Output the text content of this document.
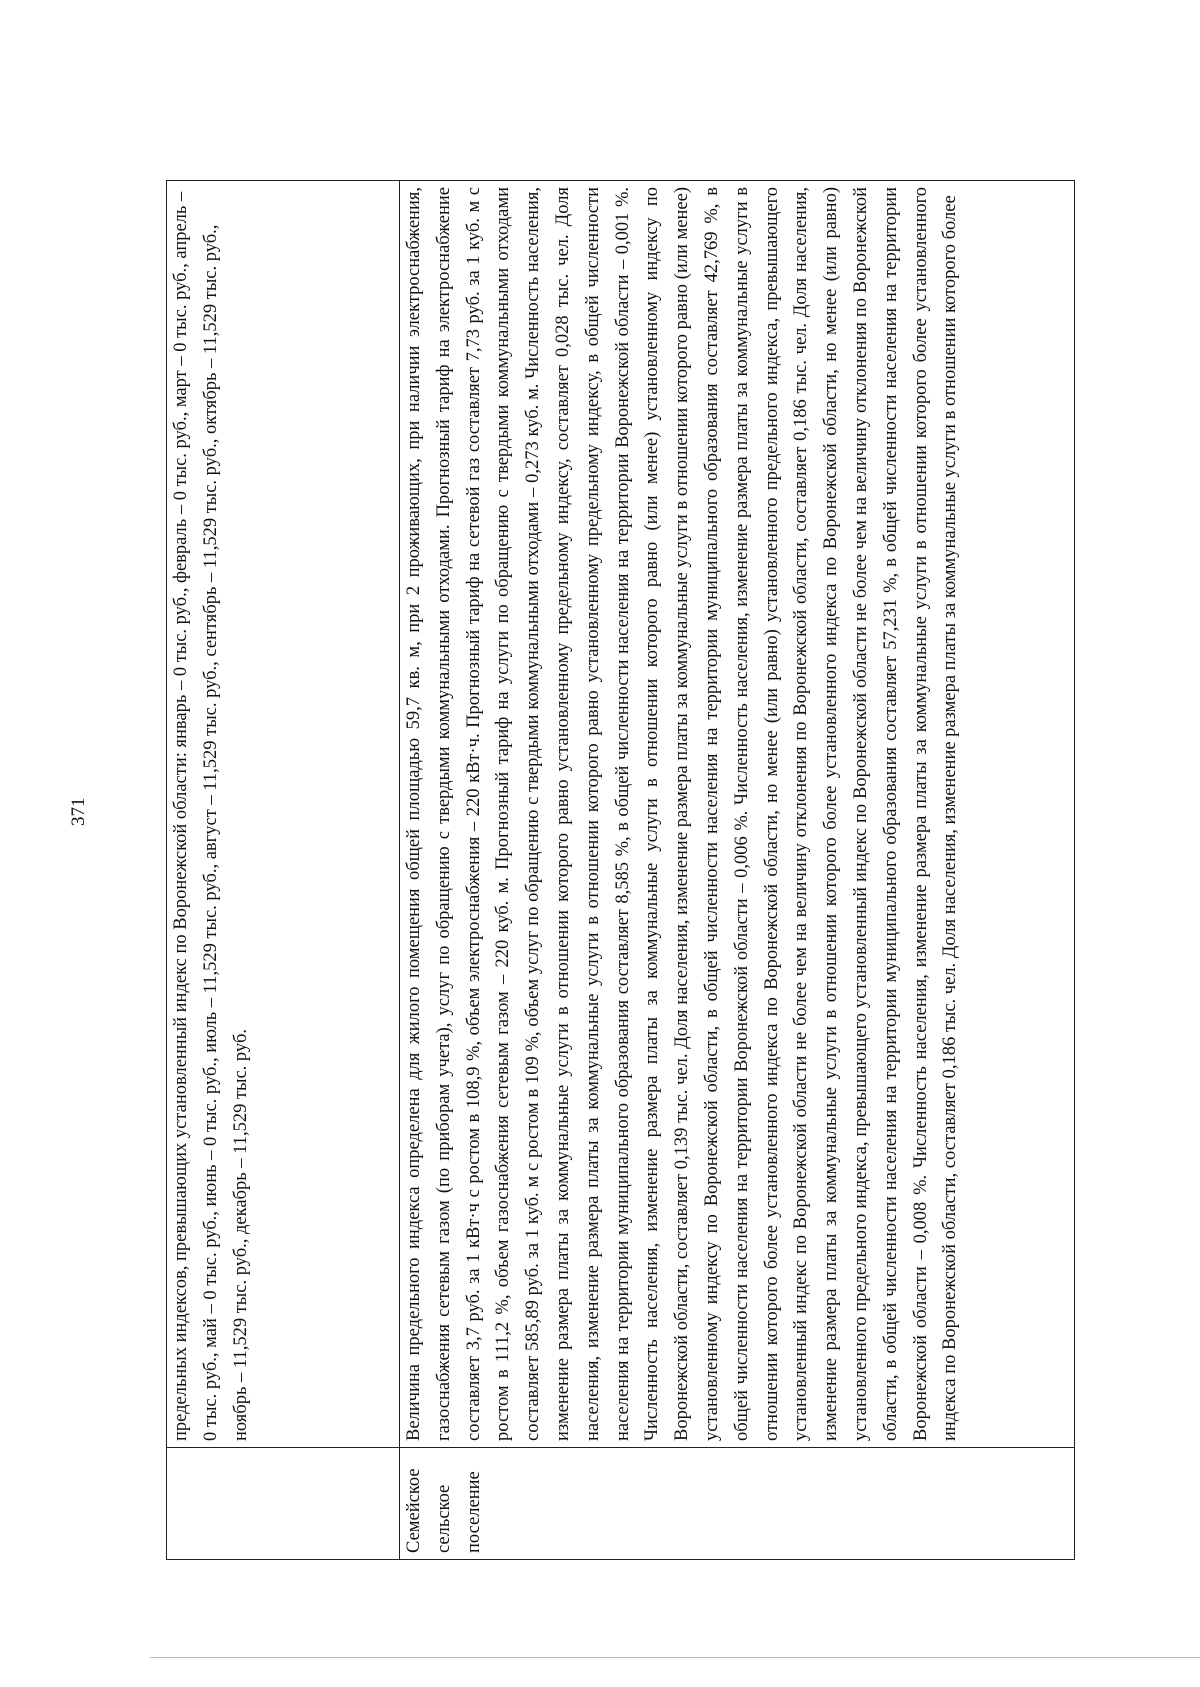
371
		предельных индексов, превышающих установленный индекс по Воронежской области: январь – 0 тыс. руб., февраль – 0 тыс. руб., март – 0 тыс. руб., апрель – 0 тыс. руб., май – 0 тыс. руб., июнь – 0 тыс. руб., июль – 11,529 тыс. руб., август – 11,529 тыс. руб., сентябрь – 11,529 тыс. руб., октябрь – 11,529 тыс. руб., ноябрь – 11,529 тыс. руб., декабрь – 11,529 тыс. руб.
Семейское сельское поселение	Величина предельного индекса определена для жилого помещения общей площадью 59,7 кв. м, при 2 проживающих, при наличии электроснабжения, газоснабжения сетевым газом (по приборам учета), услуг по обращению с твердыми коммунальными отходами. Прогнозный тариф на электроснабжение составляет 3,7 руб. за 1 кВт·ч с ростом в 108,9 %, объем электроснабжения – 220 кВт·ч. Прогнозный тариф на сетевой газ составляет 7,73 руб. за 1 куб. м с ростом в 111,2 %, объем газоснабжения сетевым газом – 220 куб. м. Прогнозный тариф на услуги по обращению с твердыми коммунальными отходами составляет 585,89 руб. за 1 куб. м с ростом в 109 %, объем услуг по обращению с твердыми коммунальными отходами – 0,273 куб. м. Численность населения, изменение размера платы за коммунальные услуги в отношении которого равно установленному предельному индексу, составляет 0,028 тыс. чел. Доля населения, изменение размера платы за коммунальные услуги в отношении которого равно установленному предельному индексу, в общей численности населения на территории муниципального образования составляет 8,585 %, в общей численности населения на территории Воронежской области – 0,001 %. Численность населения, изменение размера платы за коммунальные услуги в отношении которого равно (или менее) установленному индексу по Воронежской области, составляет 0,139 тыс. чел. Доля населения, изменение размера платы за коммунальные услуги в отношении которого равно (или менее) установленному индексу по Воронежской области, в общей численности населения на территории муниципального образования составляет 42,769 %, в общей численности населения на территории Воронежской области – 0,006 %. Численность населения, изменение размера платы за коммунальные услуги в отношении которого более установленного индекса по Воронежской области, но менее (или равно) установленного предельного индекса, превышающего установленный индекс по Воронежской области не более чем на величину отклонения по Воронежской области, составляет 0,186 тыс. чел. Доля населения, изменение размера платы за коммунальные услуги в отношении которого более установленного индекса по Воронежской области, но менее (или равно) установленного предельного индекса, превышающего установленный индекс по Воронежской области не более чем на величину отклонения по Воронежской области, в общей численности населения на территории муниципального образования составляет 57,231 %, в общей численности населения на территории Воронежской области – 0,008 %. Численность населения, изменение размера платы за коммунальные услуги в отношении которого более установленного индекса по Воронежской области, составляет 0,186 тыс. чел. Доля населения, изменение размера платы за коммунальные услуги в отношении которого более
